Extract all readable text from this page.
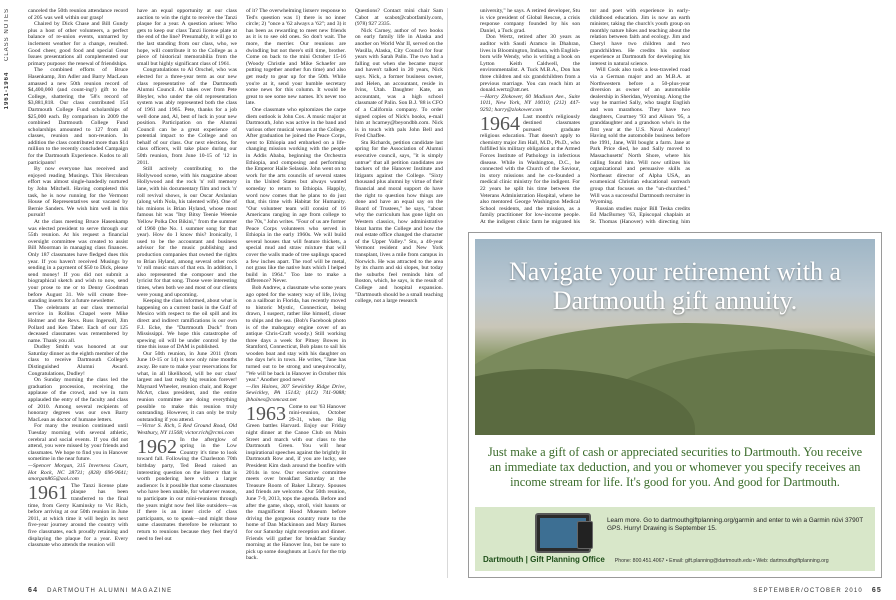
1961-1964    CLASS NOTES	canceled the 50th reunion attendance record of 205 was well within our grasp!

Chaired by Dick Chase and Bill Gundy plus a host of other volunteers, a perfect balance of re-union events, unmarred by inclement weather for a change, resulted. Good cheer, good food and special Great Issues presentations all complemented our primary purpose: the renewal of friendships.

The combined efforts of Bruce Hasenkamp, Jim Adler and Barry MacLean amassed a new 50th reunion record of $4,400,060 (and count-ing!) gift to the College, shattering the '58's record of $3,881,818. Our class contributed 154 Dartmouth College Fund scholarships of $25,000 each. By comparison in 2009 the combined Dartmouth College Fund scholarships amounted to 127 from all classes, reunion and non-reunion. In addition the class contributed more than $14 million to the recently concluded Campaign for the Dartmouth Experience. Kudos to all participants!

By now everyone has received and enjoyed reading Musings. This Herculean effort was almost single-handedly nurtured by John Mitchell. Having completed this task, he is now running for the Vermont House of Representatives seat vacated by Bernie Sanders. We wish him well in this pursuit!

At the class meeting Bruce Hasenkamp was elected president to serve through our 55th reunion. At his request a financial oversight committee was created to assist Bill Moorman in managing class finances. Only 187 classmates have fledged dues this year. If you haven't received Musings by sending in a payment of $50 to Dick, please send money! If you did not submit a biographical sketch and wish to now, send your prose to me or to Denny Goodman before August 31. We will create free-standing inserts for a future newsletter.

The celebrants at our class memorial service in Rollins Chapel were Mike Holmer and the Revs. Russ Ingersoll, Jim Pollard and Ken Taber. Each of our 125 deceased classmates was remembered by name. Thank you all.

Dudley Smith was honored at our Saturday dinner as the eighth member of the class to receive Dartmouth College's Distinguished Alumni Award. Congratulations, Dudley!

On Sunday morning the class led the graduation procession, receiving the applause of the crowd, and we in turn applauded the entry of the faculty and class of 2010. Among several recipients of honorary degrees was our own Barry MacLean as doctor of humane letters.

For many the reunion continued until Tuesday morning with several athletic, cerebral and social events. If you did not attend, you were missed by your friends and classmates. We hope to find you in Hanover sometime in the near future.

—Spencer Morgan, 315 Inverness Court, Hot Rock, NC 28731; (828) 696-9641; smorgan865@aol.com

1961 The Tanzi license plate plaque has been transferred to the final time, from Gerry Kaminsky to Vic Rich, before arriving at our 50th reunion in June 2011, at which time it will begin its next five-year journey around the country with five classmates, each proudly retaining and displaying the plaque for a year. Every classmate who attends the reunion will

have an equal opportunity at our class auction to win the right to receive the Tanzi plaque for a year. A question arises: Who gets to keep our class Tanzi license plate at the end of the line? Presumably, it will go to the last standing from our class, who, we hope, will contribute it to the College as a piece of historical memorabilia from the small but highly significant class of 1961.

Congratulations to Al Orschel, who was elected for a three-year term as our new class representative of the Dartmouth Alumni Council. Al takes over from Pete Bleyler, who under the old representation system was ably represented both the class of 1961 and 1965. Pete, thanks for a job well done and, Al, best of luck in your new position. Participation on the Alumni Council can be a great experience of potential impact to the College and on behalf of our class. Our next elections, for class officers, will take place during our 50th reunion, from June 10-15 of '12 in 2011.

Still actively contributing to the Hollywood scene, with his magazine about Hollywood and the rock 'n' roll memory lane, with his documentary film and rock 'n' roll revival shows, is our Oscar Arslanian (along with Nola, his talented wife). One of his minions is Brian Hyland, whose most famous hit was "Itsy Bitsy Teenie Weenie Yellow Polka Dot Bikini," from the summer of 1960 (the No. 1 summer song for that year). How do I know this? Ironically, I used to be the accountant and business advisor for the music publishing and production companies that owned the rights to Brian Hyland, among several other rock 'n' roll music stars of that era. In addition, I also represented the composer and the lyricist for that song. Those were interesting times, when both we and most of our clients were young and upcoming.

Keeping the class informed, about what is happening on a current basis in the Gulf of Mexico with respect to the oil spill and its direct and indirect ramifications is our own F.J. Ecke, the "Dartmouth Duck" from Mississippi. We hope this catastrophe of spewing oil will be under control by the time this issue of DAM is published.

Our 50th reunion, in June 2011 (from June 10-15 or 14) is now only nine months away. Be sure to make your reservations for what, in all likelihood, will be our class' largest and last really big reunion forever! Maynard Wheeler, reunion chair, and Roger McArt, class president, and the entire reunion committee are doing everything possible to make this reunion truly outstanding. However, it can only be truly outstanding if you attend.

—Victor S. Rich, 5 Red Ground Road, Old Westbury, NY 11568; victor.rich@rcmi.com

1962 In the afterglow of spring in the Low Country it's time to look toward fall. Following the Charleston 70th birthday party, Ted Bead raised an interesting question on the listserv that is worth pondering here with a larger audience: Is it possible that some classmates who have been unable, for whatever reason, to participate in our mini-reunions through the years might now feel like outsiders—as if there is an inner circle of class participants, so to speak—and might those same classmates therefore be reluctant to return to reunions because they feel they'd need to feel out

of it? The overwhelming listserv response to Ted's question was 1) there is no inner circle; 2) "once a '62 always a '62"; and 3) it has been as rewarding to meet new friends as it is to see old ones. So don't wait. The more, the merrier. Our reunions are dwindling but not there's still time, brother. Come on back to the mini October 15-16 (Woody Christie and Mike Schaefer are putting together another fun time) and also get ready to gear up for the 50th. While you're at it, send your humble secretary some news for this column. It would be great to see some new names. It's never too late.

One classmate who epitomizes the carpe diem outlook is John Cox. A music major at Dartmouth, John was active in the band and various other musical venues at the College. After graduation he joined the Peace Corps, went to Ethiopia and embarked on a life-changing mission working with the people in Addis Ababa, beginning the Orchestra Ethiopia, and composing and performing the Emperor Haile Selassie. John went on to work for the arts councils of several states in the United States but always wanted someday to return to Ethiopia. Happily, word now comes that he plans to do just that, this time with Habitat for Humanity. "Our volunteer team will consist of 16 Americans ranging in age from college to the 70s," John writes. "Four of us are former Peace Corps volunteers who served in Ethiopia in the early 1960s. We will build several houses that will feature thickets, a special mud and straw mixture that will cover the walls made of tree saplings spaced a few inches apart. The roof will be metal, not grass like the native huts which I helped build in 1964." Too late to make a difference? Never.

Bob Andrew, a classmate who some years ago opted for the watery way of life, living on a sailboat in Florida, has recently moved to historic Mystic, Connecticut, being drawn, I suspect, rather like himself, closer to ships and the sea. (Bob's Facebook photo is of the mahogany engine cover of an antique Chris-Craft woody.) Still working three days a week for Pitney Bowes in Stamford, Connecticut, Bob plans to sail his wooden boat and stay with his daughter on the days he's in town. He writes, "Jane has turned out to be strong and unequivocally, "We will be back in Hanover in October this year." Another good news!

—Jim Haines, 307 Sewickley Ridge Drive, Sewickley, PA 15143; (412) 741-9088; jbhaines@comcast.net

1963 Come to our '63 Hanover mini-reunion, October 29-31, when the Big Green battles Harvard. Enjoy our Friday night dinner at the Canoe Club on Main Street and march with our class to the Dartmouth Green. You will hear inspirational speeches against the brightly lit Dartmouth Row and, if you are lucky, see President Kim dash around the bonfire with 2014s in tow. Our executive committee meets over breakfast Saturday at the Treasure Room of Baker Library. Spouses and friends are welcome. Our 50th reunion, June 7-9, 2013, tops the agenda. Before and after the game, shop, stroll, visit haunts or the magnificent Hood Museum before driving the gorgeous country route to the home of Dan Mackinnon and Mary Barnes for our Saturday night reception and dinner. Friends will gather for breakfast Sunday morning at the Hanover Inn, but be sure to pick up some doughnuts at Lou's for the trip back.

Questions? Contact mini chair Sam Cabot at scabot@cabotfamily.com, (978) 927 2335.

Nick Carney, author of two books on early family life in Alaska and another on World War II, served on the Wasilla, Alaska, City Council for four years with Sarah Palin. The two had a falling out when she became mayor and haven't talked in 20 years, Nick says. Nick, a former business owner, and Helen, an accountant, reside in Ivins, Utah. Daughter Kate, an accountant, was a high school classmate of Palin. Son B.J. '88 is CFO of a California company. To order signed copies of Nick's books, e-mail him at hcarney@beyondbb.com. Nick is in touch with pals John Bell and Fred Chaffee.

Stu Richards, petition candidate last spring for the Association of Alumni executive council, says, "it is simply untrue" that all petition candidates are backers of the Hanover Institute and litigants against the College. "Sixty thousand plus alumni by virtue of their financial and moral support do have the right to question how things are done and have an equal say on the Board of Trustees," he says, "about why the curriculum has gone light on Western classics, how administrative bloat harms the College and how the real estate office changed the character of the Upper Valley." Stu, a 40-year Vermont resident and New York transplant, lives a mile from campus in Norwich. He was attracted to the area by its charm and ski slopes, but today the suburbs feel reminds him of Boston, which, he says, is the result of College and hospital expansion. "Dartmouth should be a small teaching college, not a large research

university," he says. A retired developer, Stu is vice president of Global Rescue, a crisis response company founded by his son Daniel, a Tuck grad.

Don Wertz, retired after 30 years as auditor with Saudi Aramco in Dhahran, lives in Bloomington, Indiana, with English-born wife Wendy, who is writing a book on Lytton Keith Caldwell, the environmentalist. A Tuck M.B.A., Don has three children and six grandchildren from a previous marriage. You can reach him at donald.wertz@att.net.

—Harry Zlokower, 60 Madison Ave., Suite 1011, New York, NY 10010; (212) 447-9292; harry@zlokower.com

1964 Last month's religiously destined classmates pursued graduate religious education. That doesn't apply to chemistry major Jim Hall, M.D., Ph.D., who fulfilled his military obligation at the Armed Forces Institute of Pathology in infectious disease. While in Washington, D.C., he connected with the Church of the Saviour, its story missions and he co-founded a medical clinic ministry for the indigent. For 22 years he split his time between the Veterans Administration Hospital, where he also mentored George Washington Medical School residents, and the mission, as a family practitioner for low-income people. At the indigent clinic farm he migrated his

tor and poet with experience in early-childhood education. Jim is now an earth minister, taking the church's youth group on monthly nature hikes and teaching about the relation between faith and ecology. Jim and Cheryl have two children and two grandchildren. He credits his outdoor experience at Dartmouth for developing his interest in natural science.

Will Cook also took a less-traveled road via a German major and an M.B.A. at Northwestern before a 50-plus-year diversion as owner of an automobile dealership in Sheridan, Wyoming. Along the way he married Sally, who taught English and won marathons. They have two daughters, Courtney '93 and Alison '95, a granddaughter and a grandson who's in the first year at the U.S. Naval Academy! Having sold the automobile business before the 1991, Jane, Will bought a farm. Jane at Park Price died, he and Sally moved to Massachusetts' North Shore, where his calling found him. Will now utilizes his organizational and persuasive skills as Northeast director of Alpha USA, an ecumenical Christian educational outreach group that focuses on the "un-churched." Will was a successful Dartmouth recruiter in Wyoming.

Russian studies major Bill Teska credits Ed MacBurney '63, Episcopal chaplain at St. Thomas (Hanover) with directing him

Navigate your retirement with a Dartmouth gift annuity.
Just make a gift of cash or appreciated securities to Dartmouth. You receive an immediate tax deduction, and you or whomever you specify receives an income stream for life. It's good for you. And good for Dartmouth.
Learn more. Go to dartmouthgiftplanning.org/garmin and enter to win a Garmin nüvi 3790T GPS. Hurry! Drawing is September 15.
Dartmouth | Gift Planning Office Phone: 800.451.4067 • Email: gift.planning@dartmouth.edu • Web: dartmouthgiftplanning.org
64 DARTMOUTH ALUMNI MAGAZINE	SEPTEMBER/OCTOBER 2010 65
